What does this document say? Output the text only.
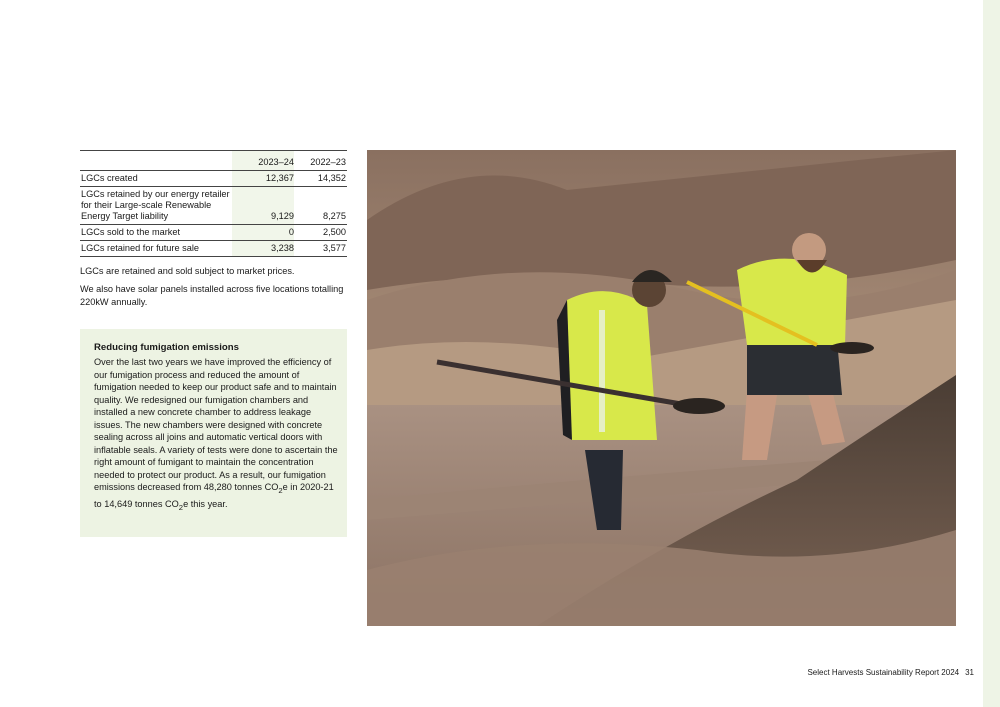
	2023–24	2022–23
LGCs created	12,367	14,352
LGCs retained by our energy retailer for their Large-scale Renewable Energy Target liability	9,129	8,275
LGCs sold to the market	0	2,500
LGCs retained for future sale	3,238	3,577

LGCs are retained and sold subject to market prices.

We also have solar panels installed across five locations totalling 220kW annually.

Reducing fumigation emissions

Over the last two years we have improved the efficiency of our fumigation process and reduced the amount of fumigation needed to keep our product safe and to maintain quality. We redesigned our fumigation chambers and installed a new concrete chamber to address leakage issues. The new chambers were designed with concrete sealing across all joins and automatic vertical doors with inflatable seals. A variety of tests were done to ascertain the right amount of fumigant to maintain the concentration needed to protect our product. As a result, our fumigation emissions decreased from 48,280 tonnes $CO_2e$ in 2020-21 to 14,649 tonnes $CO_2e$ this year.

Select Harvests Sustainability Report 2024 31
